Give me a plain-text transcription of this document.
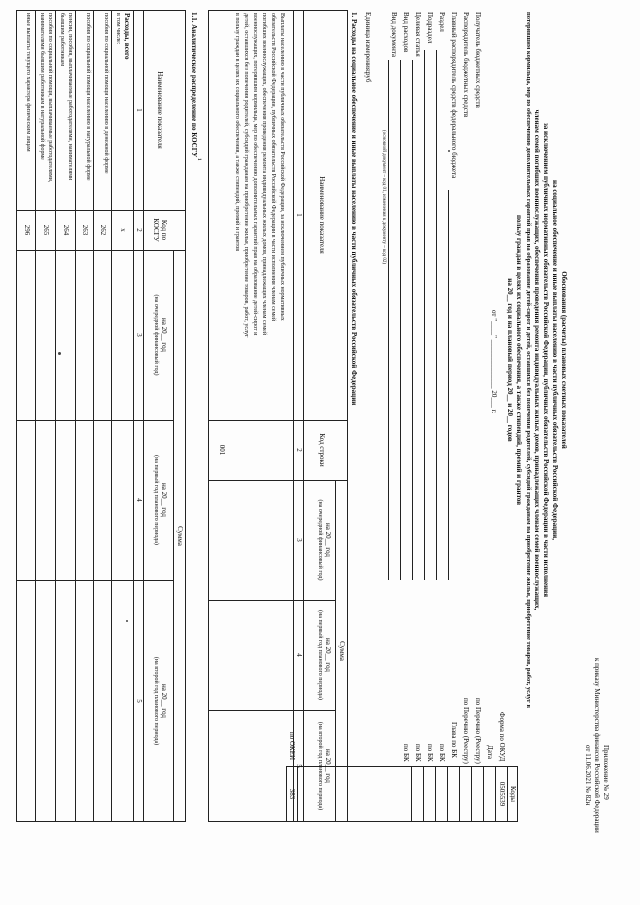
Приложение № 29
к приказу Министерства финансов Российской Федерации
от 11.06.2021 № 82н
Обоснования (расчеты) плановых сметных показателей
на социальное обеспечение и иные выплаты населению в части публичных обязательств Российской Федерации,
за исключением публичных нормативных обязательств Российской Федерации, публичных обязательств Российской Федерации в части исполнения
членам семей погибших военнослужащих, обеспечения проведения ремонта индивидуальных жилых домов, принадлежащих членам семей военнослужащих,
потерявшим кормильца, мер по обеспечению дополнительных гарантий прав на образование детей-сирот и детей, оставшихся без попечения родителей, субсидий гражданам на приобретение жилья, приобретение товаров, работ, услуг в
пользу граждан в целях их социального обеспечения, а также стипендий, премий и грантов
на 20__ год и на плановый период 20__ и 20__ годов
от "____" ______________ 20___ г.
Коды
0505539
383
Форма по ОКУД
Дата
по Перечню (Реестру)
по Перечню (Реестру)
Глава по БК
по БК
по БК
по БК
по БК
по ОКЕИ
Получатель бюджетных средств
Распорядитель бюджетных средств
Главный распорядитель средств федерального бюджета
Раздел
Подраздел
Целевая статья
Вид расходов
Вид документа
(основной документ – код 01, изменения к документу – код 02)
Единица измерения:
руб
1. Расходы на социальное обеспечение и иные выплаты населению в части публичных обязательств Российской Федерации
Наименование показателя
Код строки
Сумма
на 20__ год
(на очередной финансовый год)
на 20__ год
(на первый год планового периода)
на 20__ год
(на второй год планового периода)
1
2
3
4
5
Выплаты населению в части публичных обязательств Российской Федерации, за исключением публичных нормативных
обязательств Российской Федерации, публичных обязательств Российской Федерации в части исполнения членам семей
погибших военнослужащих, обеспечения проведения ремонта индивидуальных жилых домов, принадлежащих членам семей
военнослужащих, потерявшим кормильца, мер по обеспечению дополнительных гарантий прав на образование детей-сирот и
детей, оставшихся без попечения родителей, субсидий гражданам на приобретение жилья, приобретение товаров, работ, услуг
в пользу граждан в целях их социального обеспечения, а также стипендий, премий и грантов
001
1.1. Аналитическое распределение по КОСГУ
1
Наименование показателя
Код по КОСГУ
Сумма
на 20__ год
(на очередной финансовый год)
на 20__ год
(на первый год планового периода)
на 20__ год
(на второй год планового периода)
1
2
3
4
5
Расходы, всего
в том числе:
х
пособия по социальной помощи населению в денежной форме
262
пособия по социальной помощи населению в натуральной форме
263
пенсии, пособия, выплачиваемые работодателями, нанимателями
бывшим работникам
264
пособия по социальной помощи, выплачиваемые работодателями,
нанимателями бывшим работникам в натуральной форме
265
иные выплаты текущего характера физическим лицам
296
